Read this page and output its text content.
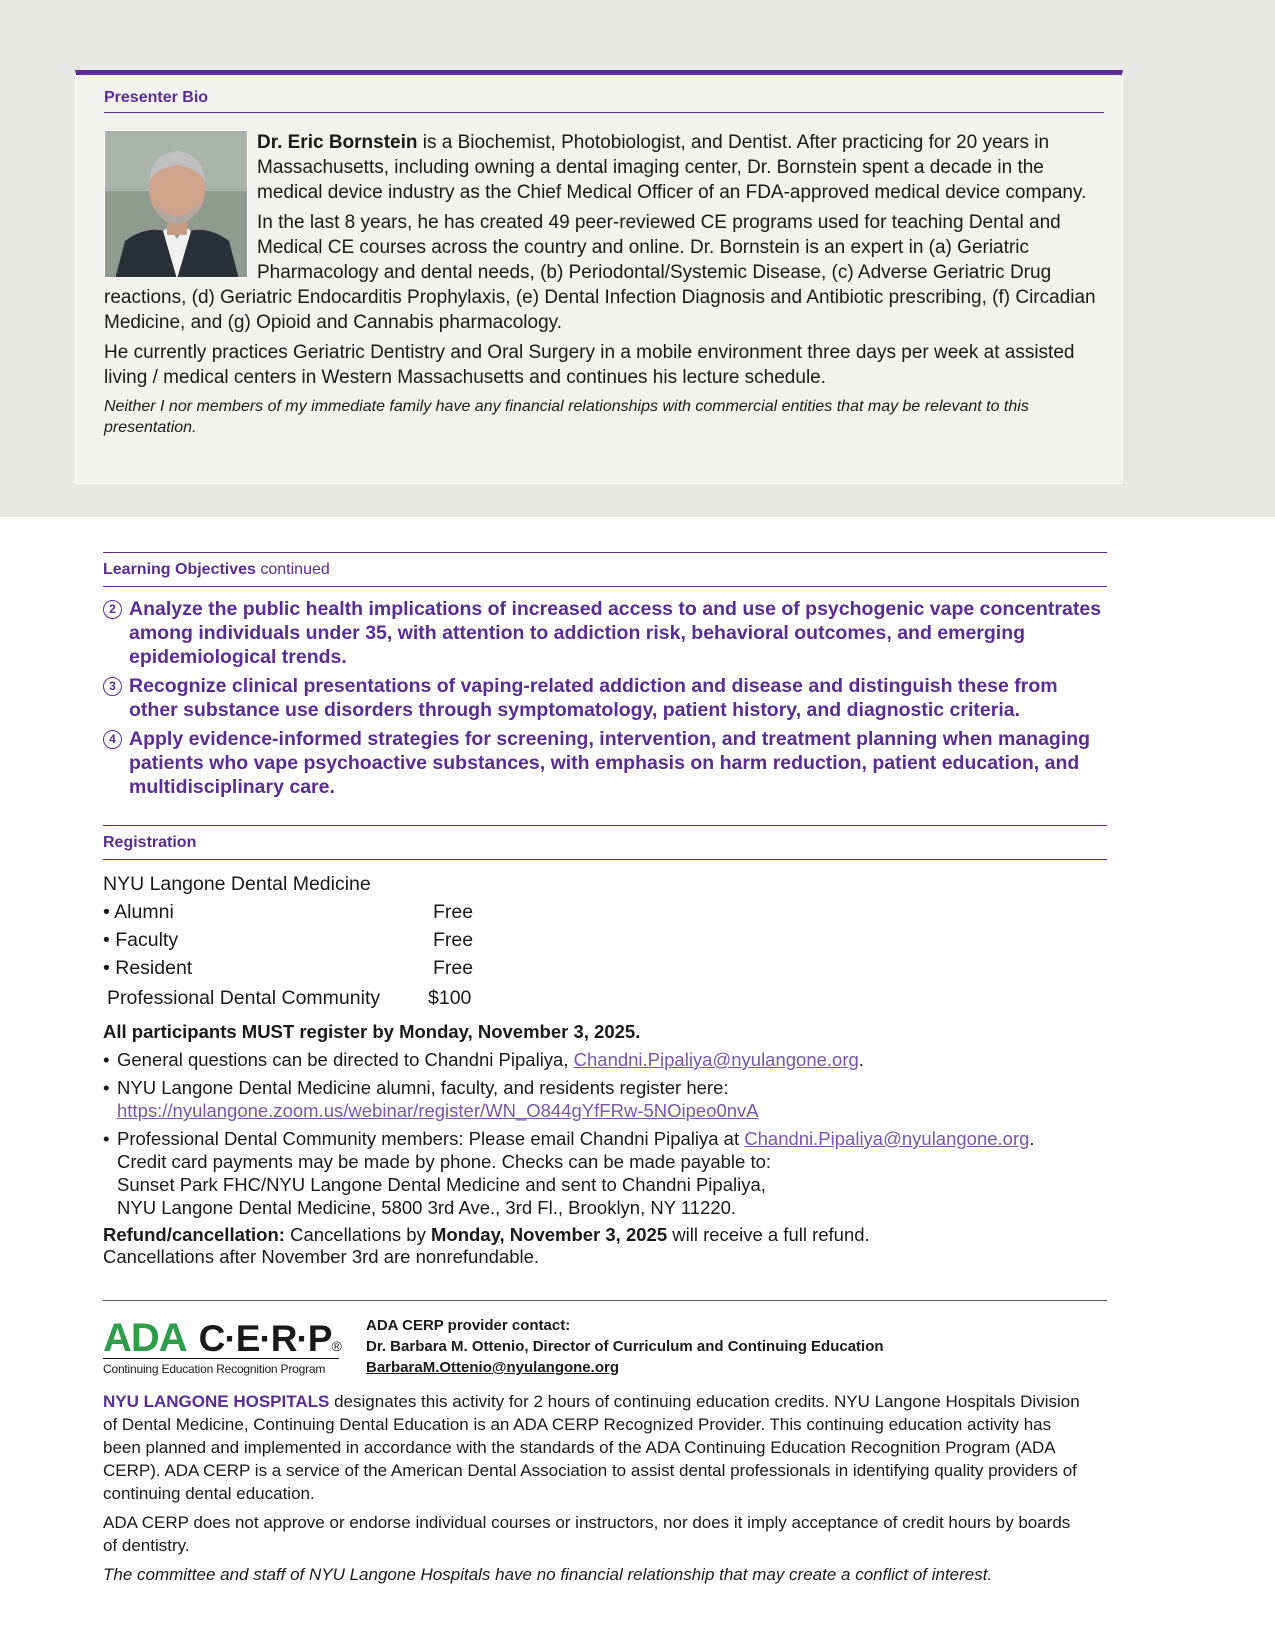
Presenter Bio

Dr. Eric Bornstein is a Biochemist, Photobiologist, and Dentist. After practicing for 20 years in Massachusetts, including owning a dental imaging center, Dr. Bornstein spent a decade in the medical device industry as the Chief Medical Officer of an FDA-approved medical device company.

In the last 8 years, he has created 49 peer-reviewed CE programs used for teaching Dental and Medical CE courses across the country and online. Dr. Bornstein is an expert in (a) Geriatric Pharmacology and dental needs, (b) Periodontal/Systemic Disease, (c) Adverse Geriatric Drug reactions, (d) Geriatric Endocarditis Prophylaxis, (e) Dental Infection Diagnosis and Antibiotic prescribing, (f) Circadian Medicine, and (g) Opioid and Cannabis pharmacology.

He currently practices Geriatric Dentistry and Oral Surgery in a mobile environment three days per week at assisted living / medical centers in Western Massachusetts and continues his lecture schedule.

Neither I nor members of my immediate family have any financial relationships with commercial entities that may be relevant to this presentation.

Learning Objectives continued
2 Analyze the public health implications of increased access to and use of psychogenic vape concentrates among individuals under 35, with attention to addiction risk, behavioral outcomes, and emerging epidemiological trends.
3 Recognize clinical presentations of vaping-related addiction and disease and distinguish these from other substance use disorders through symptomatology, patient history, and diagnostic criteria.
4 Apply evidence-informed strategies for screening, intervention, and treatment planning when managing patients who vape psychoactive substances, with emphasis on harm reduction, patient education, and multidisciplinary care.
Registration
NYU Langone Dental Medicine
• Alumni	Free
• Faculty	Free
• Resident	Free
Professional Dental Community	$100

All participants MUST register by Monday, November 3, 2025.

• General questions can be directed to Chandni Pipaliya, Chandni.Pipaliya@nyulangone.org.

• NYU Langone Dental Medicine alumni, faculty, and residents register here:
https://nyulangone.zoom.us/webinar/register/WN_O844gYfFRw-5NOipeo0nvA

• Professional Dental Community members: Please email Chandni Pipaliya at Chandni.Pipaliya@nyulangone.org.
Credit card payments may be made by phone. Checks can be made payable to:
Sunset Park FHC/NYU Langone Dental Medicine and sent to Chandni Pipaliya,
NYU Langone Dental Medicine, 5800 3rd Ave., 3rd Fl., Brooklyn, NY 11220.

Refund/cancellation: Cancellations by Monday, November 3, 2025 will receive a full refund.
Cancellations after November 3rd are nonrefundable.

ADA C·E·R·P ®
Continuing Education Recognition Program
ADA CERP provider contact:
Dr. Barbara M. Ottenio, Director of Curriculum and Continuing Education
BarbaraM.Ottenio@nyulangone.org

NYU LANGONE HOSPITALS designates this activity for 2 hours of continuing education credits. NYU Langone Hospitals Division of Dental Medicine, Continuing Dental Education is an ADA CERP Recognized Provider. This continuing education activity has been planned and implemented in accordance with the standards of the ADA Continuing Education Recognition Program (ADA CERP). ADA CERP is a service of the American Dental Association to assist dental professionals in identifying quality providers of continuing dental education.

ADA CERP does not approve or endorse individual courses or instructors, nor does it imply acceptance of credit hours by boards of dentistry.

The committee and staff of NYU Langone Hospitals have no financial relationship that may create a conflict of interest.
